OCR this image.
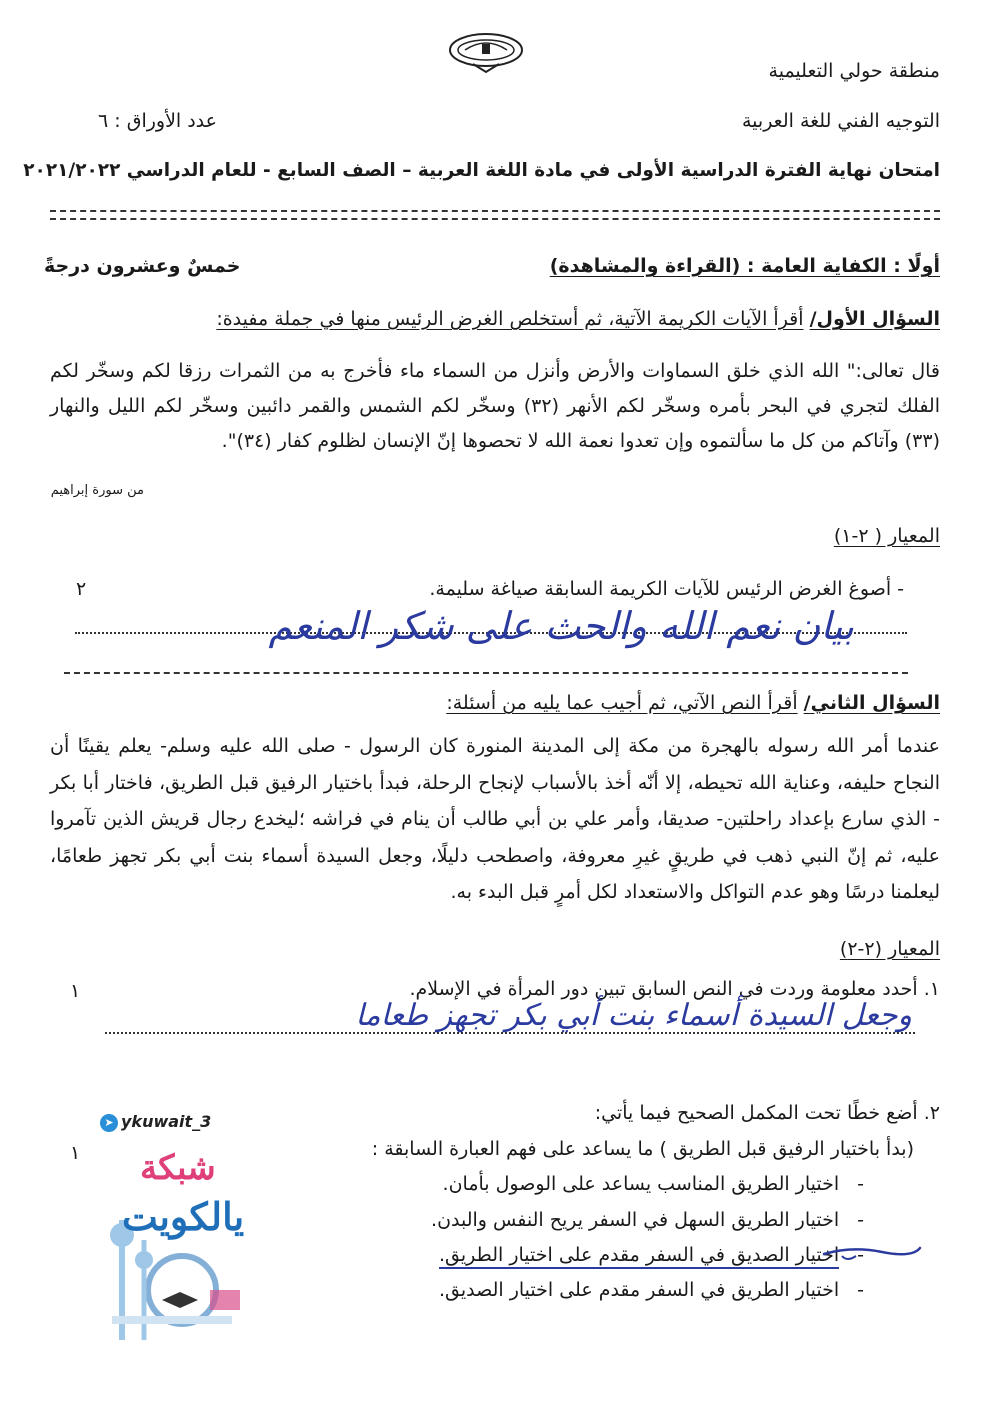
منطقة حولي التعليمية
التوجيه الفني للغة العربية
عدد الأوراق : ٦
امتحان نهاية الفترة الدراسية الأولى في مادة اللغة العربية – الصف السابع - للعام الدراسي ٢٠٢١/٢٠٢٢
أولًا : الكفاية العامة : (القراءة والمشاهدة)
خمسٌ وعشرون درجةً
السؤال الأول/ أقرأ الآيات الكريمة الآتية، ثم أستخلص الغرض الرئيس منها في جملة مفيدة:
قال تعالى:" الله الذي خلق السماوات والأرض وأنزل من السماء ماء فأخرج به من الثمرات رزقا لكم وسخّر لكم الفلك لتجري في البحر بأمره وسخّر لكم الأنهر (٣٢) وسخّر لكم الشمس والقمر دائبين وسخّر لكم الليل والنهار (٣٣) وآتاكم من كل ما سألتموه وإن تعدوا نعمة الله لا تحصوها إنّ الإنسان لظلوم كفار (٣٤)".
من سورة إبراهيم
المعيار ( ٢-١)
- أصوغ الغرض الرئيس للآيات الكريمة السابقة صياغة سليمة.
٢
بيان نعم الله والحث على شكر المنعم
السؤال الثاني/ أقرأ النص الآتي، ثم أجيب عما يليه من أسئلة:
عندما أمر الله رسوله بالهجرة من مكة إلى المدينة المنورة كان الرسول - صلى الله عليه وسلم- يعلم يقينًا أن النجاح حليفه، وعناية الله تحيطه، إلا أنّه أخذ بالأسباب لإنجاح الرحلة، فبدأ باختيار الرفيق قبل الطريق، فاختار أبا بكر - الذي سارع بإعداد راحلتين- صديقا، وأمر علي بن أبي طالب أن ينام في فراشه ؛ليخدع رجال قريش الذين تآمروا عليه، ثم إنّ النبي ذهب في طريقٍ غيرِ معروفة، واصطحب دليلًا، وجعل السيدة أسماء بنت أبي بكر تجهز طعامًا، ليعلمنا درسًا وهو عدم التواكل والاستعداد لكل أمرٍ قبل البدء به.
المعيار (٢-٢)
١. أحدد معلومة وردت في النص السابق تبين دور المرأة في الإسلام.
١
وجعل السيدة أسماء بنت أبي بكر تجهز طعاما
٢. أضع خطًا تحت المكمل الصحيح فيما يأتي:
١	(بدأ باختيار الرفيق قبل الطريق ) ما يساعد على فهم العبارة السابقة :
-اختيار الطريق المناسب يساعد على الوصول بأمان.
-اختيار الطريق السهل في السفر يريح النفس والبدن.
-اختيار الصديق في السفر مقدم على اختيار الطريق.
-اختيار الطريق في السفر مقدم على اختيار الصديق.
➤ ykuwait_3
شبكة
يالكويت
